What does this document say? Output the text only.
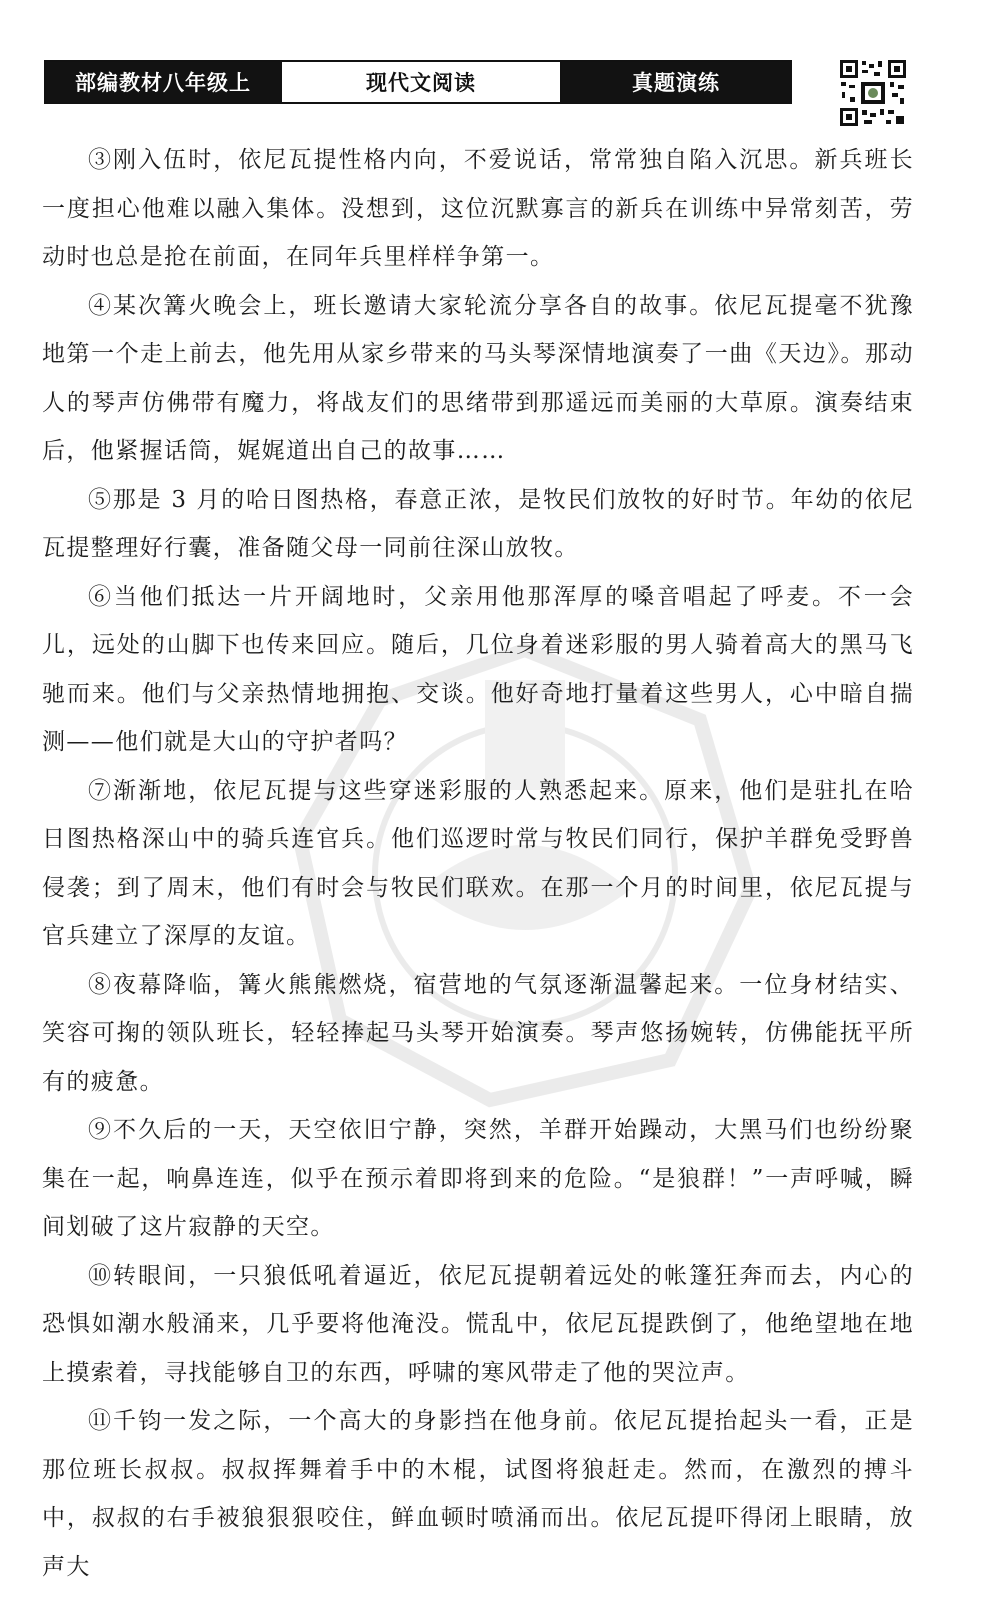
部编教材八年级上	现代文阅读	真题演练

③刚入伍时，依尼瓦提性格内向，不爱说话，常常独自陷入沉思。新兵班长一度担心他难以融入集体。没想到，这位沉默寡言的新兵在训练中异常刻苦，劳动时也总是抢在前面，在同年兵里样样争第一。

④某次篝火晚会上，班长邀请大家轮流分享各自的故事。依尼瓦提毫不犹豫地第一个走上前去，他先用从家乡带来的马头琴深情地演奏了一曲《天边》。那动人的琴声仿佛带有魔力，将战友们的思绪带到那遥远而美丽的大草原。演奏结束后，他紧握话筒，娓娓道出自己的故事……

⑤那是 3 月的哈日图热格，春意正浓，是牧民们放牧的好时节。年幼的依尼瓦提整理好行囊，准备随父母一同前往深山放牧。

⑥当他们抵达一片开阔地时，父亲用他那浑厚的嗓音唱起了呼麦。不一会儿，远处的山脚下也传来回应。随后，几位身着迷彩服的男人骑着高大的黑马飞驰而来。他们与父亲热情地拥抱、交谈。他好奇地打量着这些男人，心中暗自揣测——他们就是大山的守护者吗？

⑦渐渐地，依尼瓦提与这些穿迷彩服的人熟悉起来。原来，他们是驻扎在哈日图热格深山中的骑兵连官兵。他们巡逻时常与牧民们同行，保护羊群免受野兽侵袭；到了周末，他们有时会与牧民们联欢。在那一个月的时间里，依尼瓦提与官兵建立了深厚的友谊。

⑧夜幕降临，篝火熊熊燃烧，宿营地的气氛逐渐温馨起来。一位身材结实、笑容可掬的领队班长，轻轻捧起马头琴开始演奏。琴声悠扬婉转，仿佛能抚平所有的疲惫。

⑨不久后的一天，天空依旧宁静，突然，羊群开始躁动，大黑马们也纷纷聚集在一起，响鼻连连，似乎在预示着即将到来的危险。“是狼群！”一声呼喊，瞬间划破了这片寂静的天空。

⑩转眼间，一只狼低吼着逼近，依尼瓦提朝着远处的帐篷狂奔而去，内心的恐惧如潮水般涌来，几乎要将他淹没。慌乱中，依尼瓦提跌倒了，他绝望地在地上摸索着，寻找能够自卫的东西，呼啸的寒风带走了他的哭泣声。

⑪千钧一发之际，一个高大的身影挡在他身前。依尼瓦提抬起头一看，正是那位班长叔叔。叔叔挥舞着手中的木棍，试图将狼赶走。然而，在激烈的搏斗中，叔叔的右手被狼狠狠咬住，鲜血顿时喷涌而出。依尼瓦提吓得闭上眼睛，放声大
